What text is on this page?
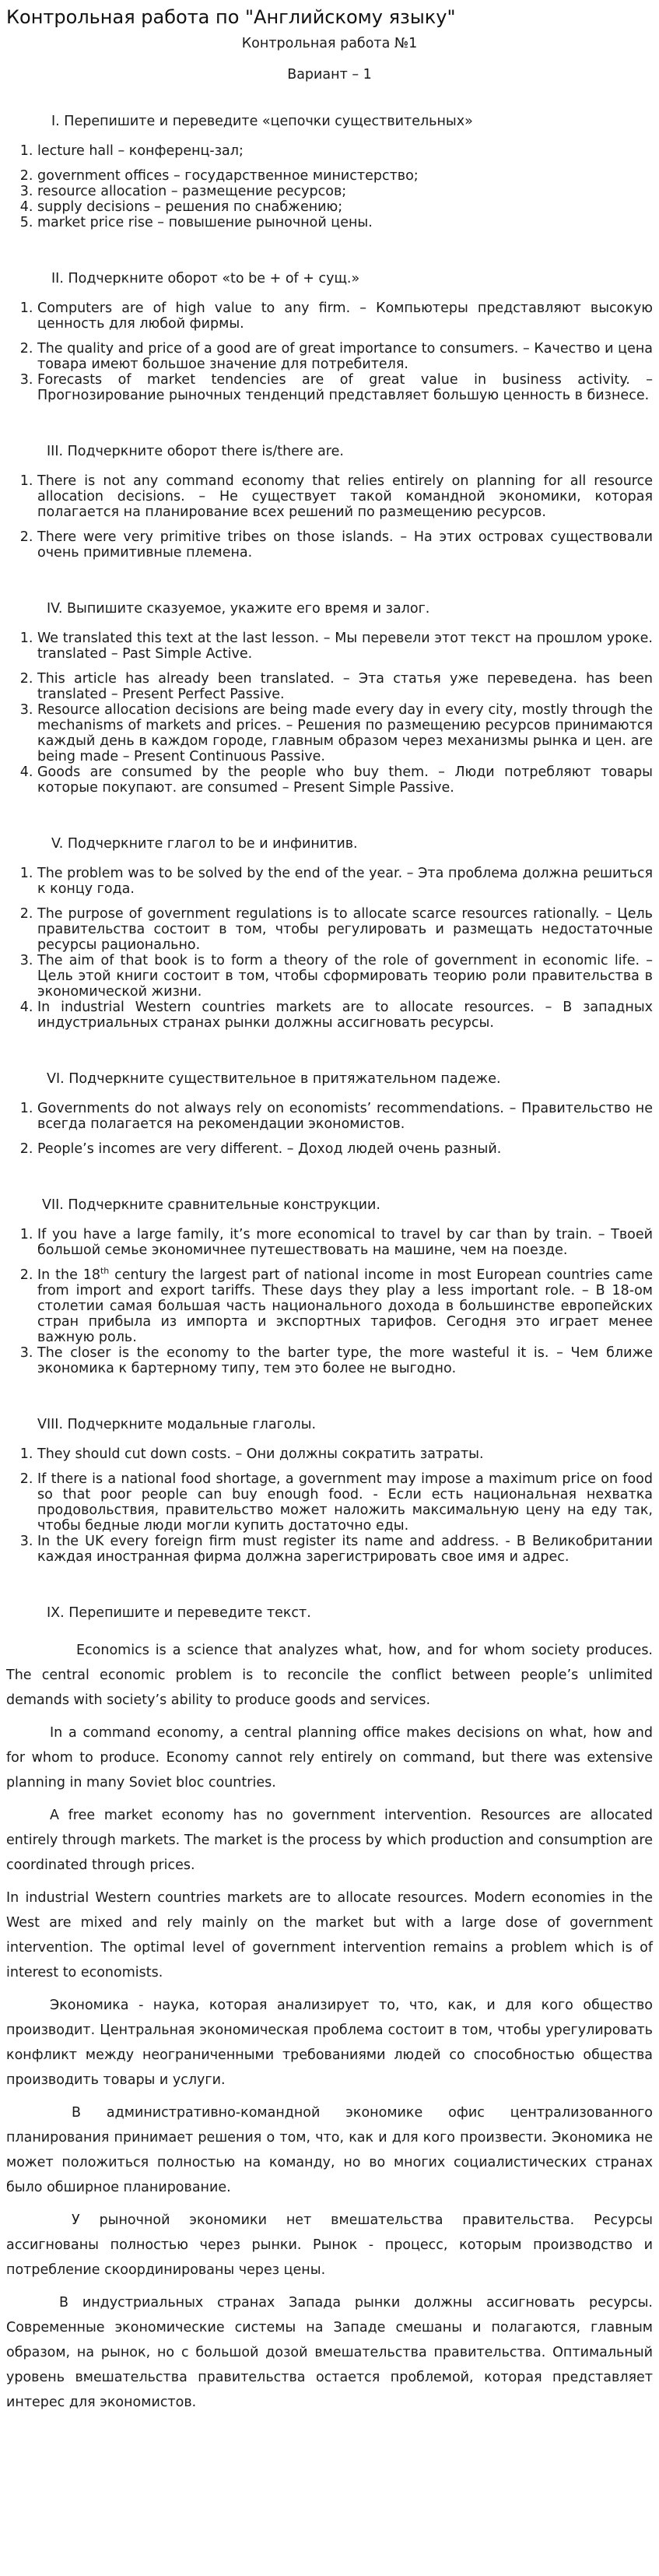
Контрольная работа по "Английскому языку"

Контрольная работа №1

Вариант – 1

I. Перепишите и переведите «цепочки существительных»

1. lecture hall – конференц-зал;
2. government offices – государственное министерство;
3. resource allocation – размещение ресурсов;
4. supply decisions – решения по снабжению;
5. market price rise – повышение рыночной цены.

II. Подчеркните оборот «to be + of + сущ.»

1. Computers are of high value to any firm. – Компьютеры представляют высокую ценность для любой фирмы.
2. The quality and price of a good are of great importance to consumers. – Качество и цена товара имеют большое значение для потребителя.
3. Forecasts of market tendencies are of great value in business activity. – Прогнозирование рыночных тенденций представляет большую ценность в бизнесе.

III. Подчеркните оборот there is/there are.

1. There is not any command economy that relies entirely on planning for all resource allocation decisions. – Не существует такой командной экономики, которая полагается на планирование всех решений по размещению ресурсов.
2. There were very primitive tribes on those islands. – На этих островах существовали очень примитивные племена.

IV. Выпишите сказуемое, укажите его время и залог.

1. We translated this text at the last lesson. – Мы перевели этот текст на прошлом уроке. translated – Past Simple Active.
2. This article has already been translated. – Эта статья уже переведена. has been translated – Present Perfect Passive.
3. Resource allocation decisions are being made every day in every city, mostly through the mechanisms of markets and prices. – Решения по размещению ресурсов принимаются каждый день в каждом городе, главным образом через механизмы рынка и цен. are being made – Present Continuous Passive.
4. Goods are consumed by the people who buy them. – Люди потребляют товары которые покупают. are consumed – Present Simple Passive.

V. Подчеркните глагол to be и инфинитив.

1. The problem was to be solved by the end of the year. – Эта проблема должна решиться к концу года.
2. The purpose of government regulations is to allocate scarce resources rationally. – Цель правительства состоит в том, чтобы регулировать и размещать недостаточные ресурсы рационально.
3. The aim of that book is to form a theory of the role of government in economic life. – Цель этой книги состоит в том, чтобы сформировать теорию роли правительства в экономической жизни.
4. In industrial Western countries markets are to allocate resources. – В западных индустриальных странах рынки должны ассигновать ресурсы.

VI. Подчеркните существительное в притяжательном падеже.

1. Governments do not always rely on economists’ recommendations. – Правительство не всегда полагается на рекомендации экономистов.
2. People’s incomes are very different. – Доход людей очень разный.

VII. Подчеркните сравнительные конструкции.

1. If you have a large family, it’s more economical to travel by car than by train. – Твоей большой семье экономичнее путешествовать на машине, чем на поезде.
2. In the 18th century the largest part of national income in most European countries came from import and export tariffs. These days they play a less important role. – В 18-ом столетии самая большая часть национального дохода в большинстве европейских стран прибыла из импорта и экспортных тарифов. Сегодня это играет менее важную роль.
3. The closer is the economy to the barter type, the more wasteful it is. – Чем ближе экономика к бартерному типу, тем это более не выгодно.

VIII. Подчеркните модальные глаголы.

1. They should cut down costs. – Они должны сократить затраты.
2. If there is a national food shortage, a government may impose a maximum price on food so that poor people can buy enough food. - Если есть национальная нехватка продовольствия, правительство может наложить максимальную цену на еду так, чтобы бедные люди могли купить достаточно еды.
3. In the UK every foreign firm must register its name and address. - В Великобритании каждая иностранная фирма должна зарегистрировать свое имя и адрес.

IX. Перепишите и переведите текст.

Economics is a science that analyzes what, how, and for whom society produces. The central economic problem is to reconcile the conflict between people’s unlimited demands with society’s ability to produce goods and services.

In a command economy, a central planning office makes decisions on what, how and for whom to produce. Economy cannot rely entirely on command, but there was extensive planning in many Soviet bloc countries.

A free market economy has no government intervention. Resources are allocated entirely through markets. The market is the process by which production and consumption are coordinated through prices.

In industrial Western countries markets are to allocate resources. Modern economies in the West are mixed and rely mainly on the market but with a large dose of government intervention. The optimal level of government intervention remains a problem which is of interest to economists.

Экономика - наука, которая анализирует то, что, как, и для кого общество производит. Центральная экономическая проблема состоит в том, чтобы урегулировать конфликт между неограниченными требованиями людей со способностью общества производить товары и услуги.

В административно-командной экономике офис централизованного планирования принимает решения о том, что, как и для кого произвести. Экономика не может положиться полностью на команду, но во многих социалистических странах было обширное планирование.

У рыночной экономики нет вмешательства правительства. Ресурсы ассигнованы полностью через рынки. Рынок - процесс, которым производство и потребление скоординированы через цены.

В индустриальных странах Запада рынки должны ассигновать ресурсы. Современные экономические системы на Западе смешаны и полагаются, главным образом, на рынок, но с большой дозой вмешательства правительства. Оптимальный уровень вмешательства правительства остается проблемой, которая представляет интерес для экономистов.
